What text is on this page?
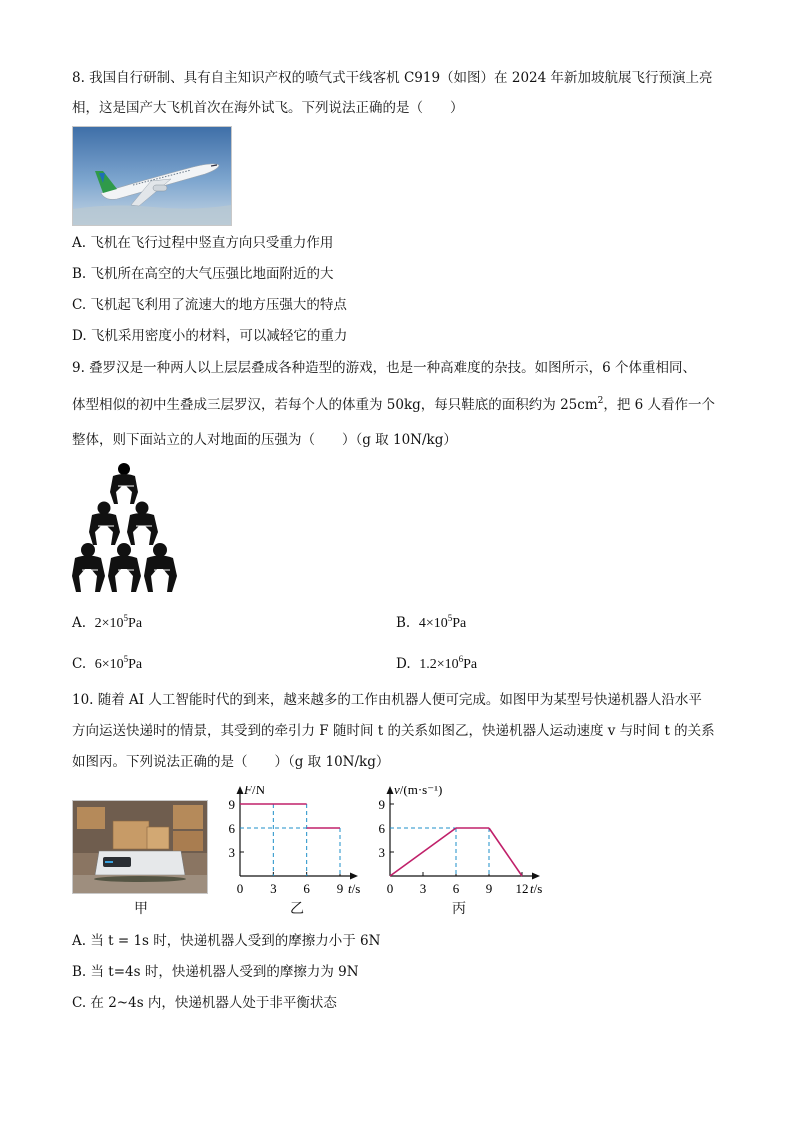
8. 我国自行研制、具有自主知识产权的喷气式干线客机 C919（如图）在 2024 年新加坡航展飞行预演上亮
相，这是国产大飞机首次在海外试飞。下列说法正确的是（　　）
A. 飞机在飞行过程中竖直方向只受重力作用
B. 飞机所在高空的大气压强比地面附近的大
C. 飞机起飞利用了流速大的地方压强大的特点
D. 飞机采用密度小的材料，可以减轻它的重力
9. 叠罗汉是一种两人以上层层叠成各种造型的游戏，也是一种高难度的杂技。如图所示，6 个体重相同、
体型相似的初中生叠成三层罗汉，若每个人的体重为 50kg，每只鞋底的面积约为 $25cm^2$，把 6 人看作一个
整体，则下面站立的人对地面的压强为（　　）（g 取 10N/kg）
A. $2\times 10^5Pa$	B. $4\times 10^5Pa$
C. $6\times 10^5Pa$	D. $1.2\times 10^6Pa$
10. 随着 AI 人工智能时代的到来，越来越多的工作由机器人便可完成。如图甲为某型号快递机器人沿水平
方向运送快递时的情景，其受到的牵引力 F 随时间 t 的关系如图乙，快递机器人运动速度 v 与时间 t 的关系
如图丙。下列说法正确的是（　　）（g 取 10N/kg）
3
6
9
0 3 6 9 t/s
F/N
3
6
9
0 3 6 9 12 t/s
v/(m·s⁻¹)
甲	乙	丙
A. 当 t = 1s 时，快递机器人受到的摩擦力小于 6N
B. 当 t=4s 时，快递机器人受到的摩擦力为 9N
C. 在 2~4s 内，快递机器人处于非平衡状态
